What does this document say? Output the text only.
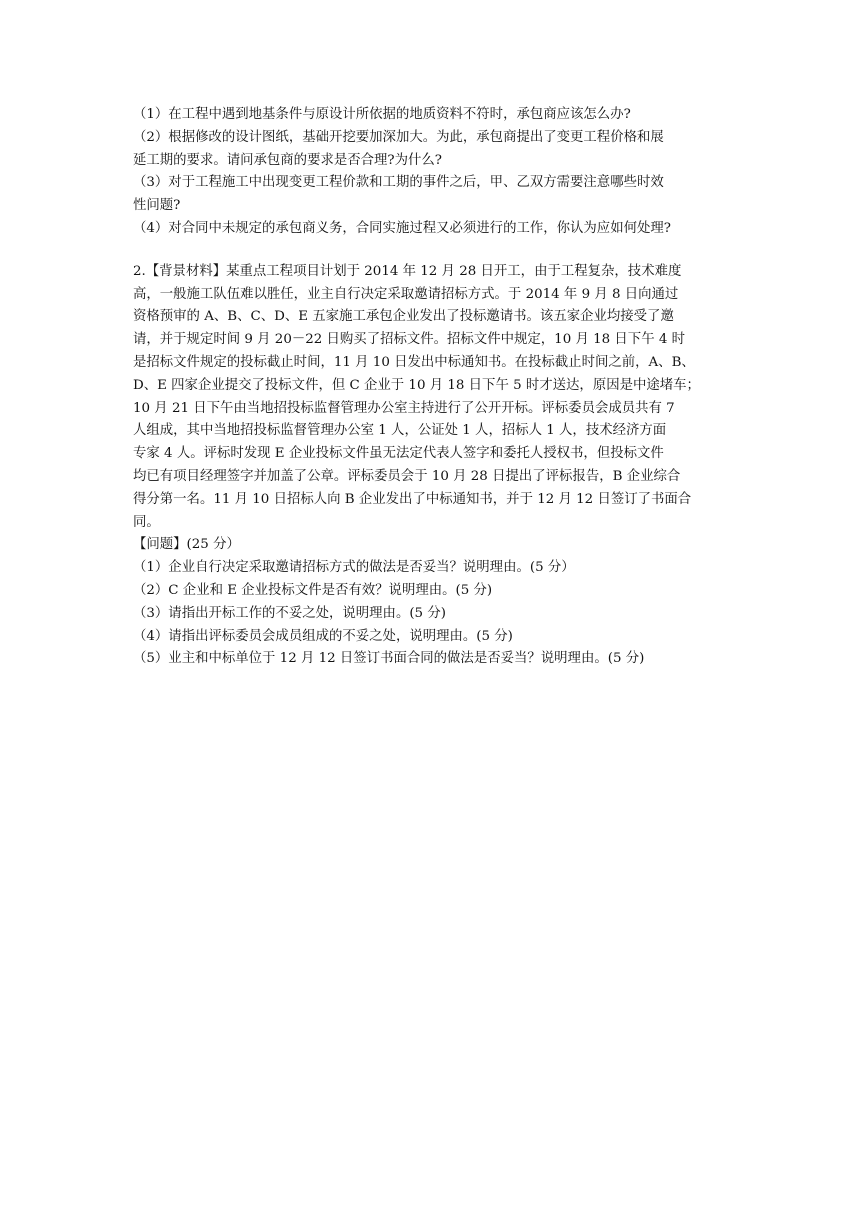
（1）在工程中遇到地基条件与原设计所依据的地质资料不符时，承包商应该怎么办?

（2）根据修改的设计图纸，基础开挖要加深加大。为此，承包商提出了变更工程价格和展

延工期的要求。请问承包商的要求是否合理?为什么?

（3）对于工程施工中出现变更工程价款和工期的事件之后，甲、乙双方需要注意哪些时效

性问题?

（4）对合同中未规定的承包商义务，合同实施过程又必须进行的工作，你认为应如何处理?

2.【背景材料】某重点工程项目计划于 2014 年 12 月 28 日开工，由于工程复杂，技术难度

高，一般施工队伍难以胜任，业主自行决定采取邀请招标方式。于 2014 年 9 月 8 日向通过

资格预审的 A、B、C、D、E 五家施工承包企业发出了投标邀请书。该五家企业均接受了邀

请，并于规定时间 9 月 20－22 日购买了招标文件。招标文件中规定，10 月 18 日下午 4 时

是招标文件规定的投标截止时间，11 月 10 日发出中标通知书。在投标截止时间之前，A、B、

D、E 四家企业提交了投标文件，但 C 企业于 10 月 18 日下午 5 时才送达，原因是中途堵车；

10 月 21 日下午由当地招投标监督管理办公室主持进行了公开开标。评标委员会成员共有 7

人组成，其中当地招投标监督管理办公室 1 人，公证处 1 人，招标人 1 人，技术经济方面

专家 4 人。评标时发现 E 企业投标文件虽无法定代表人签字和委托人授权书，但投标文件

均已有项目经理签字并加盖了公章。评标委员会于 10 月 28 日提出了评标报告，B 企业综合

得分第一名。11 月 10 日招标人向 B 企业发出了中标通知书，并于 12 月 12 日签订了书面合

同。

【问题】(25 分）

（1）企业自行决定采取邀请招标方式的做法是否妥当？说明理由。(5 分）

（2）C 企业和 E 企业投标文件是否有效？说明理由。(5 分)

（3）请指出开标工作的不妥之处，说明理由。(5 分)

（4）请指出评标委员会成员组成的不妥之处，说明理由。(5 分)

（5）业主和中标单位于 12 月 12 日签订书面合同的做法是否妥当？说明理由。(5 分)
